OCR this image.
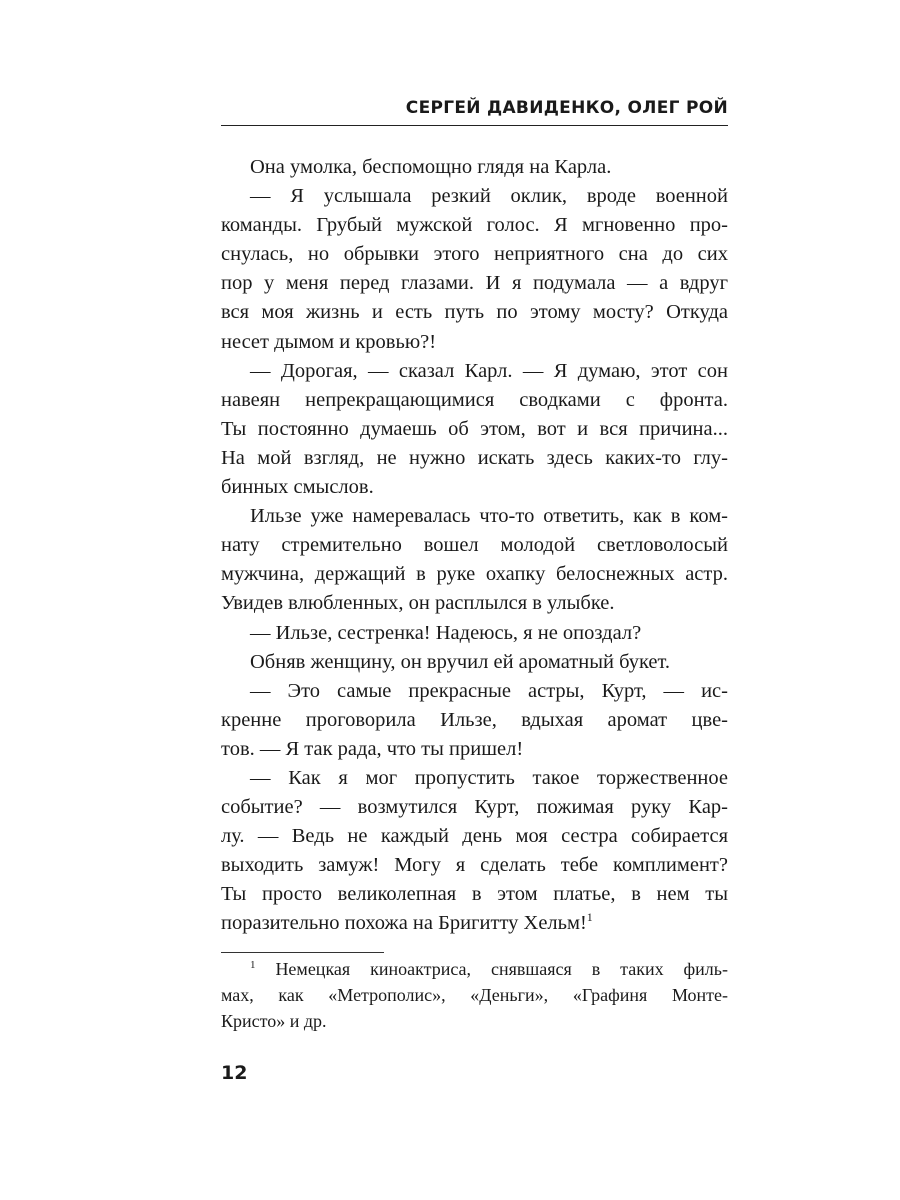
СЕРГЕЙ ДАВИДЕНКО, ОЛЕГ РОЙ
Она умолка, беспомощно глядя на Карла.
— Я услышала резкий оклик, вроде военной
команды. Грубый мужской голос. Я мгновенно про-
снулась, но обрывки этого неприятного сна до сих
пор у меня перед глазами. И я подумала — а вдруг
вся моя жизнь и есть путь по этому мосту? Откуда
несет дымом и кровью?!
— Дорогая, — сказал Карл. — Я думаю, этот сон
навеян непрекращающимися сводками с фронта.
Ты постоянно думаешь об этом, вот и вся причина...
На мой взгляд, не нужно искать здесь каких-то глу-
бинных смыслов.
Ильзе уже намеревалась что-то ответить, как в ком-
нату стремительно вошел молодой светловолосый
мужчина, держащий в руке охапку белоснежных астр.
Увидев влюбленных, он расплылся в улыбке.
— Ильзе, сестренка! Надеюсь, я не опоздал?
Обняв женщину, он вручил ей ароматный букет.
— Это самые прекрасные астры, Курт, — ис-
кренне проговорила Ильзе, вдыхая аромат цве-
тов. — Я так рада, что ты пришел!
— Как я мог пропустить такое торжественное
событие? — возмутился Курт, пожимая руку Кар-
лу. — Ведь не каждый день моя сестра собирается
выходить замуж! Могу я сделать тебе комплимент?
Ты просто великолепная в этом платье, в нем ты
поразительно похожа на Бригитту Хельм!$^1$
$^1$ Немецкая киноактриса, снявшаяся в таких филь-
мах, как «Метрополис», «Деньги», «Графиня Монте-
Кристо» и др.
12
